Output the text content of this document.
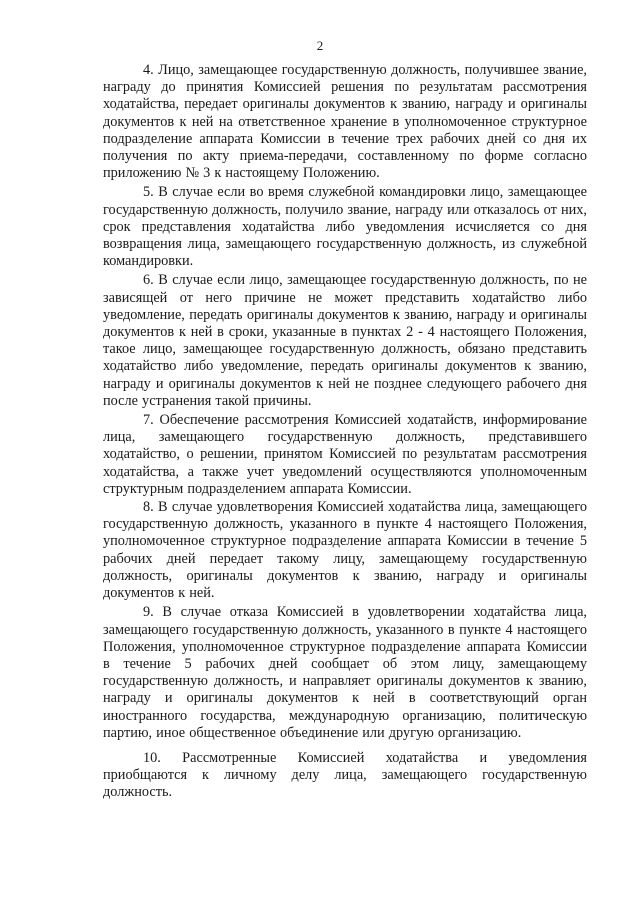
2

4. Лицо, замещающее государственную должность, получившее звание, награду до принятия Комиссией решения по результатам рассмотрения ходатайства, передает оригиналы документов к званию, награду и оригиналы документов к ней на ответственное хранение в уполномоченное структурное подразделение аппарата Комиссии в течение трех рабочих дней со дня их получения по акту приема-передачи, составленному по форме согласно приложению № 3 к настоящему Положению.

5. В случае если во время служебной командировки лицо, замещающее государственную должность, получило звание, награду или отказалось от них, срок представления ходатайства либо уведомления исчисляется со дня возвращения лица, замещающего государственную должность, из служебной командировки.

6. В случае если лицо, замещающее государственную должность, по не зависящей от него причине не может представить ходатайство либо уведомление, передать оригиналы документов к званию, награду и оригиналы документов к ней в сроки, указанные в пунктах 2 - 4 настоящего Положения, такое лицо, замещающее государственную должность, обязано представить ходатайство либо уведомление, передать оригиналы документов к званию, награду и оригиналы документов к ней не позднее следующего рабочего дня после устранения такой причины.

7. Обеспечение рассмотрения Комиссией ходатайств, информирование лица, замещающего государственную должность, представившего ходатайство, о решении, принятом Комиссией по результатам рассмотрения ходатайства, а также учет уведомлений осуществляются уполномоченным структурным подразделением аппарата Комиссии.

8. В случае удовлетворения Комиссией ходатайства лица, замещающего государственную должность, указанного в пункте 4 настоящего Положения, уполномоченное структурное подразделение аппарата Комиссии в течение 5 рабочих дней передает такому лицу, замещающему государственную должность, оригиналы документов к званию, награду и оригиналы документов к ней.

9. В случае отказа Комиссией в удовлетворении ходатайства лица, замещающего государственную должность, указанного в пункте 4 настоящего Положения, уполномоченное структурное подразделение аппарата Комиссии в течение 5 рабочих дней сообщает об этом лицу, замещающему государственную должность, и направляет оригиналы документов к званию, награду и оригиналы документов к ней в соответствующий орган иностранного государства, международную организацию, политическую партию, иное общественное объединение или другую организацию.

10. Рассмотренные Комиссией ходатайства и уведомления приобщаются к личному делу лица, замещающего государственную должность.
